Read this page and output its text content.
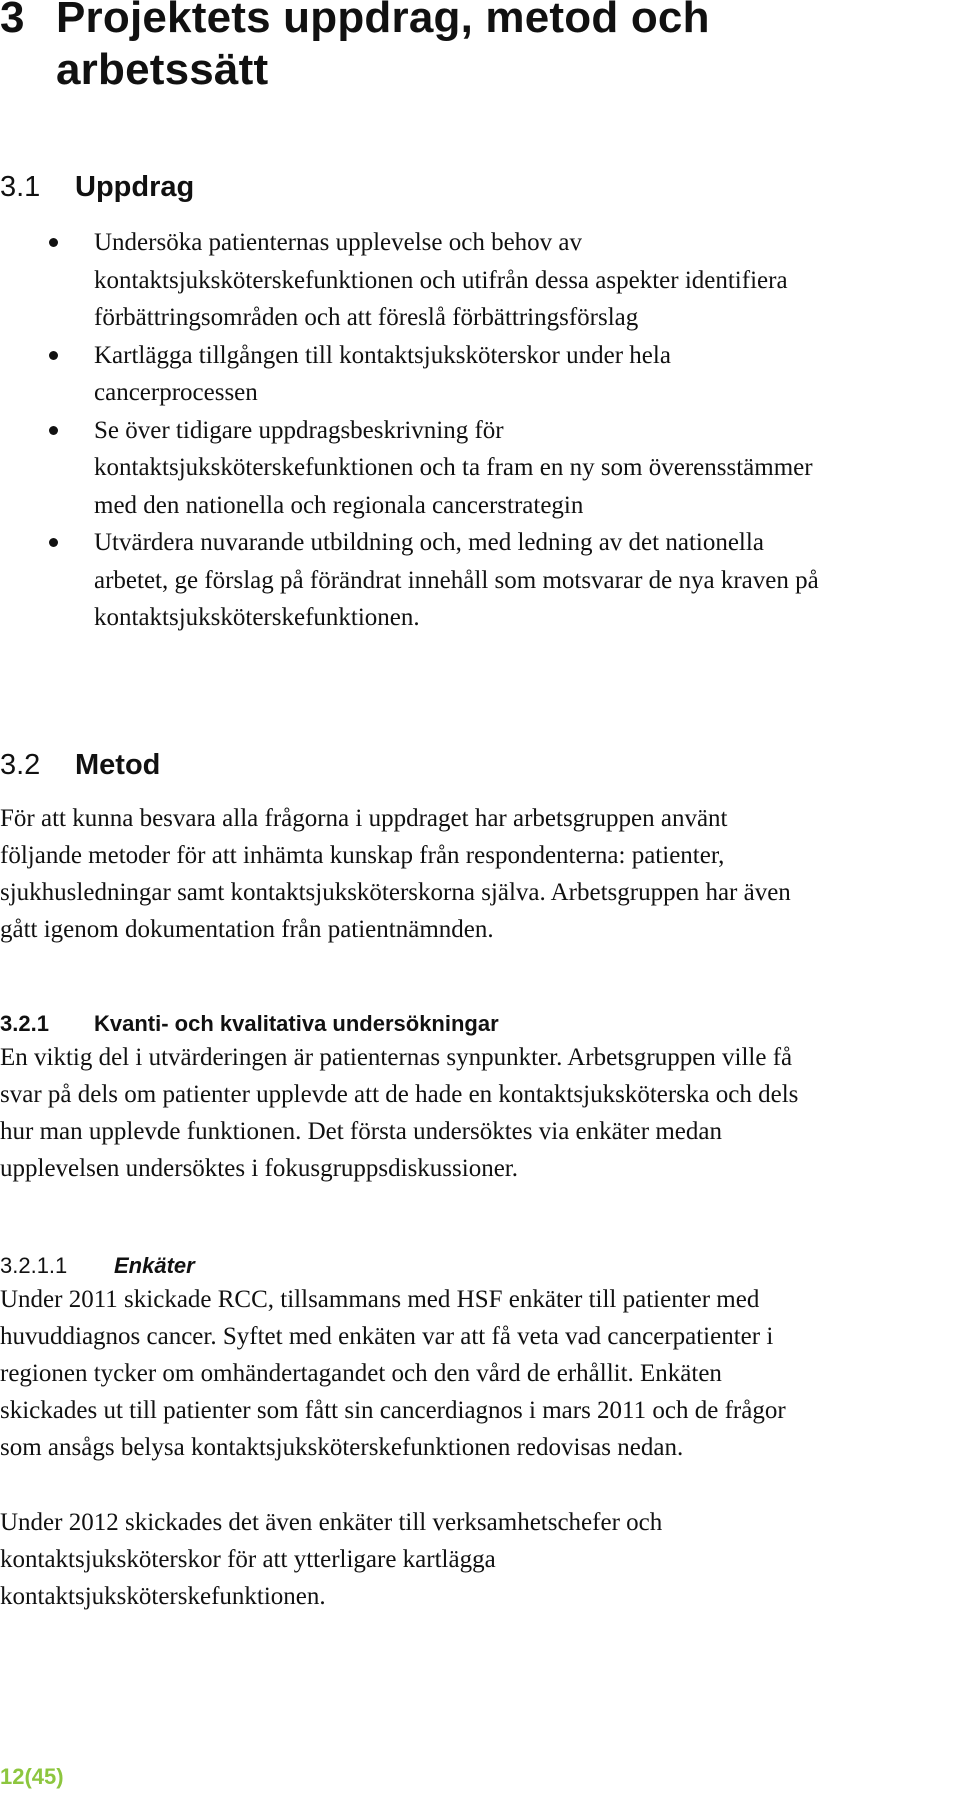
3 Projektets uppdrag, metod och
arbetssätt
3.1 Uppdrag
Undersöka patienternas upplevelse och behov av
kontaktsjuksköterskefunktionen och utifrån dessa aspekter identifiera
förbättringsområden och att föreslå förbättringsförslag
Kartlägga tillgången till kontaktsjuksköterskor under hela
cancerprocessen
Se över tidigare uppdragsbeskrivning för
kontaktsjuksköterskefunktionen och ta fram en ny som överensstämmer
med den nationella och regionala cancerstrategin
Utvärdera nuvarande utbildning och, med ledning av det nationella
arbetet, ge förslag på förändrat innehåll som motsvarar de nya kraven på
kontaktsjuksköterskefunktionen.
3.2 Metod
För att kunna besvara alla frågorna i uppdraget har arbetsgruppen använt
följande metoder för att inhämta kunskap från respondenterna: patienter,
sjukhusledningar samt kontaktsjuksköterskorna själva. Arbetsgruppen har även
gått igenom dokumentation från patientnämnden.
3.2.1 Kvanti- och kvalitativa undersökningar
En viktig del i utvärderingen är patienternas synpunkter. Arbetsgruppen ville få
svar på dels om patienter upplevde att de hade en kontaktsjuksköterska och dels
hur man upplevde funktionen. Det första undersöktes via enkäter medan
upplevelsen undersöktes i fokusgruppsdiskussioner.
3.2.1.1 Enkäter
Under 2011 skickade RCC, tillsammans med HSF enkäter till patienter med
huvuddiagnos cancer. Syftet med enkäten var att få veta vad cancerpatienter i
regionen tycker om omhändertagandet och den vård de erhållit. Enkäten
skickades ut till patienter som fått sin cancerdiagnos i mars 2011 och de frågor
som ansågs belysa kontaktsjuksköterskefunktionen redovisas nedan.
Under 2012 skickades det även enkäter till verksamhetschefer och
kontaktsjuksköterskor för att ytterligare kartlägga
kontaktsjuksköterskefunktionen.
12(45)
